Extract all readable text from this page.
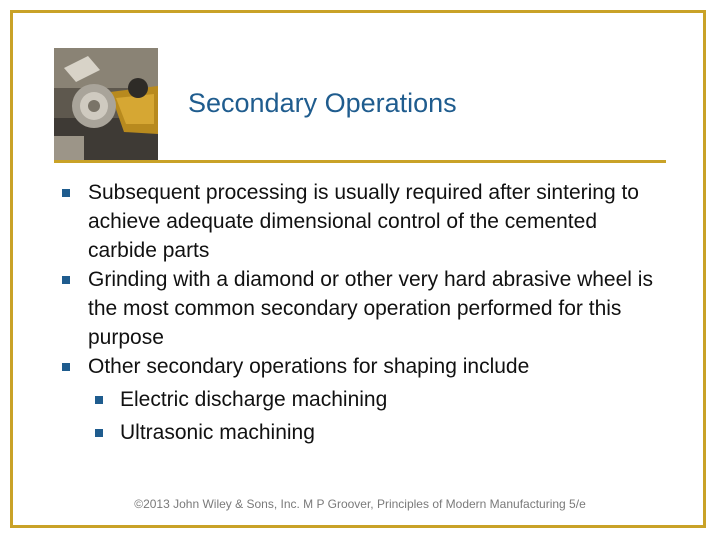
Secondary Operations
Subsequent processing is usually required after sintering to achieve adequate dimensional control of the cemented carbide parts
Grinding with a diamond or other very hard abrasive wheel is the most common secondary operation performed for this purpose
Other secondary operations for shaping include
Electric discharge machining
Ultrasonic machining
©2013 John Wiley & Sons, Inc. M P Groover, Principles of Modern Manufacturing 5/e
